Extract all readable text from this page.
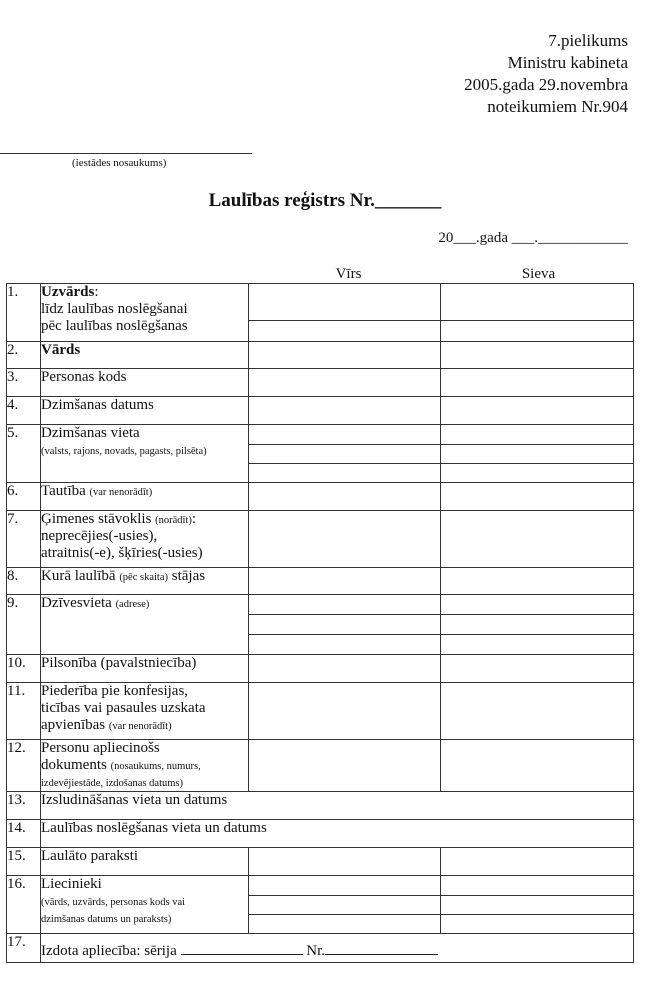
7.pielikums
Ministru kabineta
2005.gada 29.novembra
noteikumiem Nr.904
(iestādes nosaukums)
Laulības reģistrs Nr._______
20___.gada ___.____________
Vīrs	Sieva
1.	Uzvārds:
līdz laulības noslēgšanai
pēc laulības noslēgšanas		

2.	Vārds		
3.	Personas kods		
4.	Dzimšanas datums		
5.	Dzimšanas vieta
(valsts, rajons, novads, pagasts, pilsēta)		

6.	Tautība (var nenorādīt)		
7.	Ģimenes stāvoklis (norādīt):
neprecējies(-usies),
atraitnis(-e), šķīries(-usies)		
8.	Kurā laulībā (pēc skaita) stājas		
9.	Dzīvesvieta (adrese)		

10.	Pilsonība (pavalstniecība)		
11.	Piederība pie konfesijas,
ticības vai pasaules uzskata
apvienības (var nenorādīt)		
12.	Personu apliecinošs
dokuments (nosaukums, numurs,
izdevējiestāde, izdošanas datums)		
13.	Izsludināšanas vieta un datums		
14.	Laulības noslēgšanas vieta un datums		
15.	Laulāto paraksti		
16.	Liecinieki
(vārds, uzvārds, personas kods vai
dzimšanas datums un paraksts)		

17.	Izdota apliecība: sērija Nr.		
